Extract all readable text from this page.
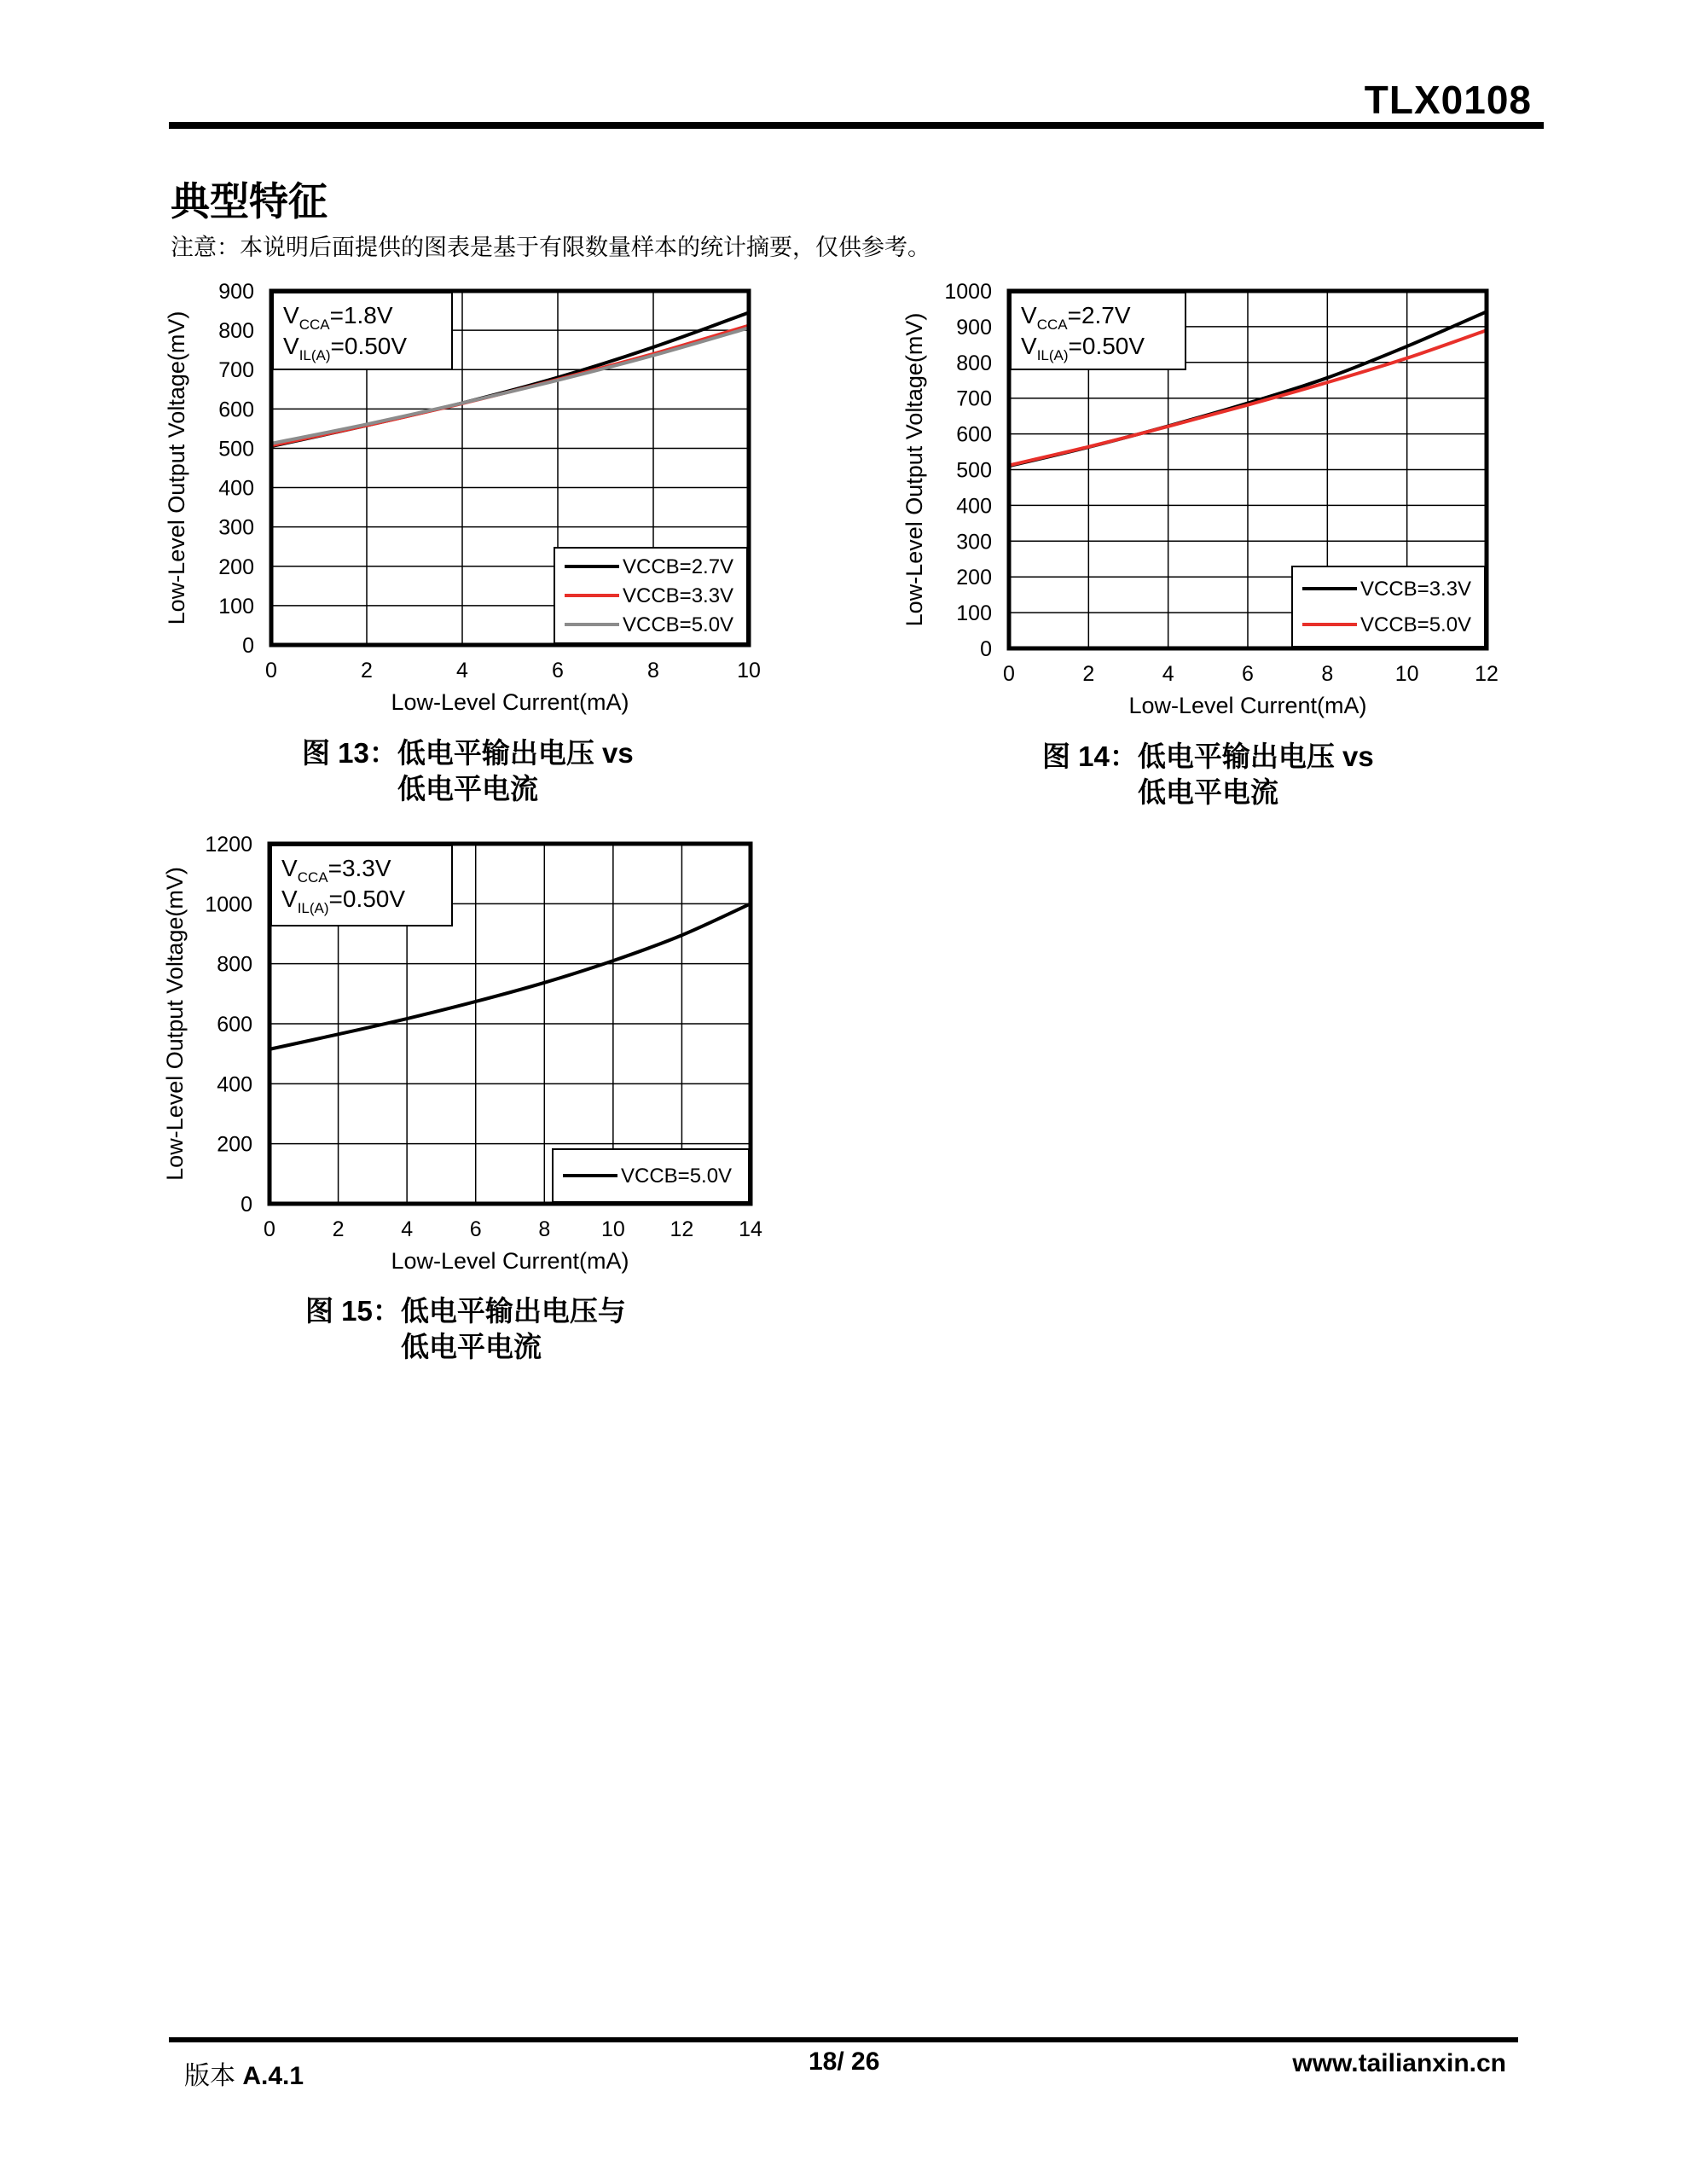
TLX0108
典型特征
注意：本说明后面提供的图表是基于有限数量样本的统计摘要，仅供参考。
0	2	4	6	8	10
0
100
200
300
400
500
600
700
800
900
Low-Level Current(mA)
Low-Level Output Voltage(mV)	$V_{CCA}=1.8V$
$V_{IL(A)}=0.50V$
VCCB=2.7V
VCCB=3.3V
VCCB=5.0V
0	2	4	6	8	10	12
0
100
200
300
400
500
600
700
800
900
1000
Low-Level Current(mA)
Low-Level Output Voltage(mV)	$V_{CCA}=2.7V$
$V_{IL(A)}=0.50V$
VCCB=3.3V
VCCB=5.0V
0	2	4	6	8 10 12 14
0
200
400
600
800
1000
1200
Low-Level Current(mA)
Low-Level Output Voltage(mV)	$V_{CCA}=3.3V$
$V_{IL(A)}=0.50V$
VCCB=5.0V
图 13：低电平输出电压 vs
低电平电流
图 14：低电平输出电压 vs
低电平电流
图 15：低电平输出电压与
低电平电流
版本 A.4.1
18/ 26	www.tailianxin.cn
